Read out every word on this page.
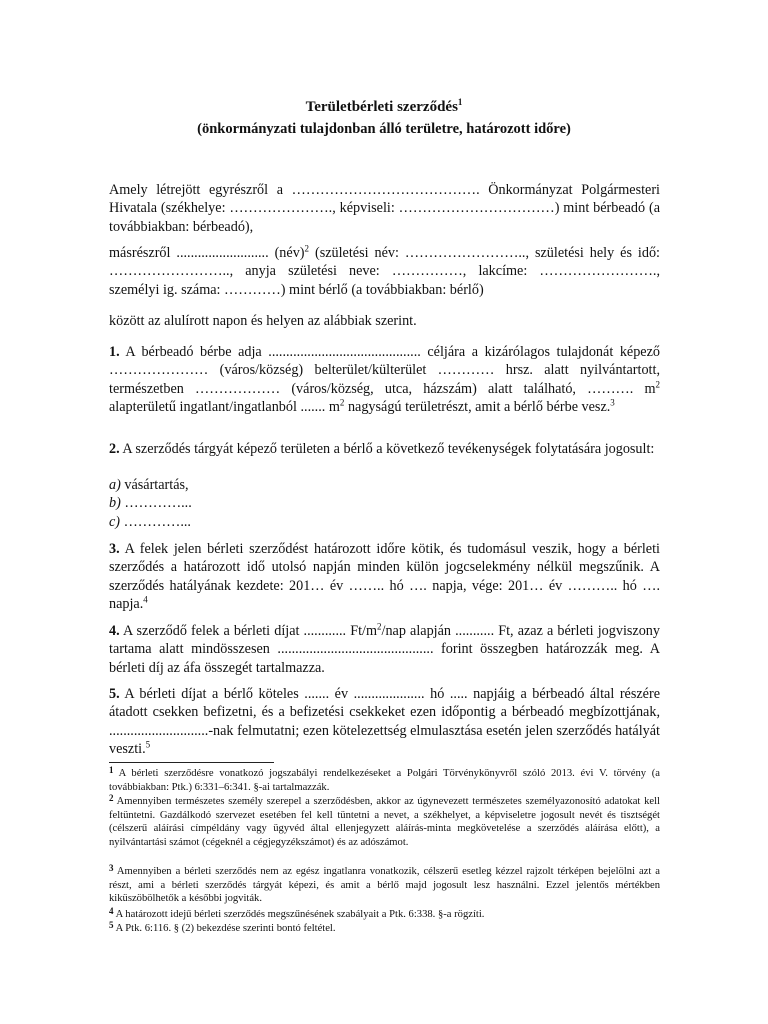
Területbérleti szerződés$^1$
(önkormányzati tulajdonban álló területre, határozott időre)
Amely létrejött egyrészről a …………………………………. Önkormányzat Polgármesteri Hivatala (székhelye: …………………., képviseli: ……………………………) mint bérbeadó (a továbbiakban: bérbeadó),
másrészről .......................... (név)$^2$ (születési név: …………………….., születési hely és idő: …………………….., anyja születési neve: ……………, lakcíme: ……………………., személyi ig. száma: …………) mint bérlő (a továbbiakban: bérlő)
között az alulírott napon és helyen az alábbiak szerint.
1. A bérbeadó bérbe adja ........................................... céljára a kizárólagos tulajdonát képező ………………… (város/község) belterület/külterület ………… hrsz. alatt nyilvántartott, természetben ……………… (város/község, utca, házszám) alatt található, ………. $m^2$ alapterületű ingatlant/ingatlanból ....... $m^2$ nagyságú területrészt, amit a bérlő bérbe vesz.$^3$
2. A szerződés tárgyát képező területen a bérlő a következő tevékenységek folytatására jogosult:
a) vásártartás,
b) …………...
c) …………...
3. A felek jelen bérleti szerződést határozott időre kötik, és tudomásul veszik, hogy a bérleti szerződés a határozott idő utolsó napján minden külön jogcselekmény nélkül megszűnik. A szerződés hatályának kezdete: 201… év …….. hó …. napja, vége: 201… év ……….. hó …. napja.$^4$
4. A szerződő felek a bérleti díjat ............ $Ft/m^2$/nap alapján ........... Ft, azaz a bérleti jogviszony tartama alatt mindösszesen ............................................ forint összegben határozzák meg. A bérleti díj az áfa összegét tartalmazza.
5. A bérleti díjat a bérlő köteles ....... év .................... hó ..... napjáig a bérbeadó által részére átadott csekken befizetni, és a befizetési csekkeket ezen időpontig a bérbeadó megbízottjának, ............................-nak felmutatni; ezen kötelezettség elmulasztása esetén jelen szerződés hatályát veszti.$^5$
$^1$ A bérleti szerződésre vonatkozó jogszabályi rendelkezéseket a Polgári Törvénykönyvről szóló 2013. évi V. törvény (a továbbiakban: Ptk.) 6:331–6:341. §-ai tartalmazzák.
$^2$ Amennyiben természetes személy szerepel a szerződésben, akkor az úgynevezett természetes személyazonosító adatokat kell feltüntetni. Gazdálkodó szervezet esetében fel kell tüntetni a nevet, a székhelyet, a képviseletre jogosult nevét és tisztségét (célszerű aláírási címpéldány vagy ügyvéd által ellenjegyzett aláírás-minta megkövetelése a szerződés aláírása előtt), a nyilvántartási számot (cégeknél a cégjegyzékszámot) és az adószámot.
$^3$ Amennyiben a bérleti szerződés nem az egész ingatlanra vonatkozik, célszerű esetleg kézzel rajzolt térképen bejelölni azt a részt, ami a bérleti szerződés tárgyát képezi, és amit a bérlő majd jogosult lesz használni. Ezzel jelentős mértékben kiküszöbölhetők a későbbi jogviták.
$^4$ A határozott idejű bérleti szerződés megszűnésének szabályait a Ptk. 6:338. §-a rögzíti.
$^5$ A Ptk. 6:116. § (2) bekezdése szerinti bontó feltétel.
